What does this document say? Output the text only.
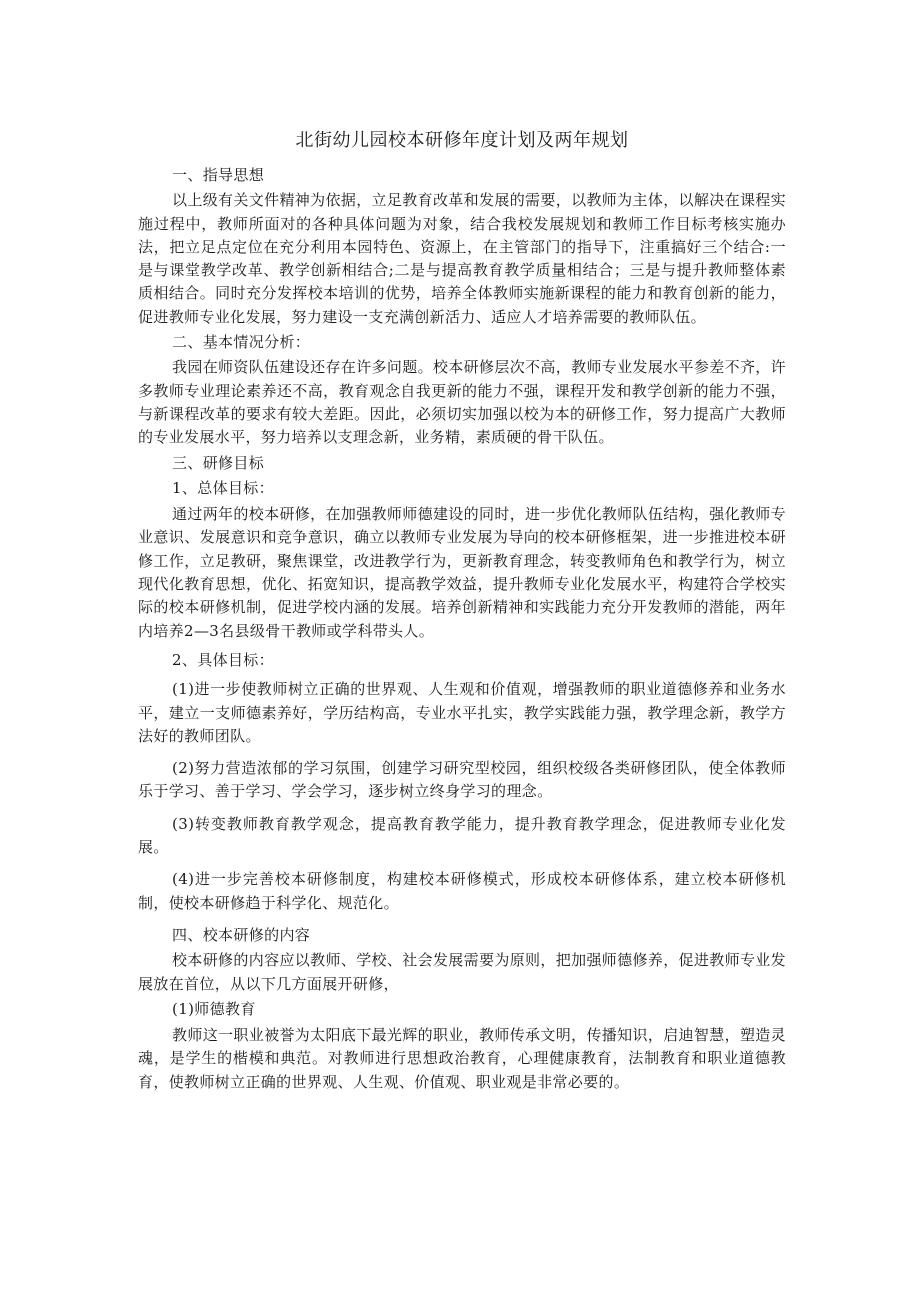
北街幼儿园校本研修年度计划及两年规划

一、指导思想

以上级有关文件精神为依据，立足教育改革和发展的需要，以教师为主体，以解决在课程实施过程中，教师所面对的各种具体问题为对象，结合我校发展规划和教师工作目标考核实施办法，把立足点定位在充分利用本园特色、资源上，在主管部门的指导下，注重搞好三个结合:一是与课堂教学改革、教学创新相结合;二是与提高教育教学质量相结合；三是与提升教师整体素质相结合。同时充分发挥校本培训的优势，培养全体教师实施新课程的能力和教育创新的能力，促进教师专业化发展，努力建设一支充满创新活力、适应人才培养需要的教师队伍。

二、基本情况分析：

我园在师资队伍建设还存在许多问题。校本研修层次不高，教师专业发展水平参差不齐，许多教师专业理论素养还不高，教育观念自我更新的能力不强，课程开发和教学创新的能力不强，与新课程改革的要求有较大差距。因此，必须切实加强以校为本的研修工作，努力提高广大教师的专业发展水平，努力培养以支理念新，业务精，素质硬的骨干队伍。

三、研修目标

1、总体目标：

通过两年的校本研修，在加强教师师德建设的同时，进一步优化教师队伍结构，强化教师专业意识、发展意识和竞争意识，确立以教师专业发展为导向的校本研修框架，进一步推进校本研修工作，立足教研，聚焦课堂，改进教学行为，更新教育理念，转变教师角色和教学行为，树立现代化教育思想，优化、拓宽知识，提高教学效益，提升教师专业化发展水平，构建符合学校实际的校本研修机制，促进学校内涵的发展。培养创新精神和实践能力充分开发教师的潜能，两年内培养2—3名县级骨干教师或学科带头人。

2、具体目标：

(1)进一步使教师树立正确的世界观、人生观和价值观，增强教师的职业道德修养和业务水平，建立一支师德素养好，学历结构高，专业水平扎实，教学实践能力强，教学理念新，教学方法好的教师团队。

(2)努力营造浓郁的学习氛围，创建学习研究型校园，组织校级各类研修团队，使全体教师乐于学习、善于学习、学会学习，逐步树立终身学习的理念。

(3)转变教师教育教学观念，提高教育教学能力，提升教育教学理念，促进教师专业化发展。

(4)进一步完善校本研修制度，构建校本研修模式，形成校本研修体系，建立校本研修机制，使校本研修趋于科学化、规范化。

四、校本研修的内容

校本研修的内容应以教师、学校、社会发展需要为原则，把加强师德修养，促进教师专业发展放在首位，从以下几方面展开研修，

(1)师德教育

教师这一职业被誉为太阳底下最光辉的职业，教师传承文明，传播知识，启迪智慧，塑造灵魂，是学生的楷模和典范。对教师进行思想政治教育，心理健康教育，法制教育和职业道德教育，使教师树立正确的世界观、人生观、价值观、职业观是非常必要的。
